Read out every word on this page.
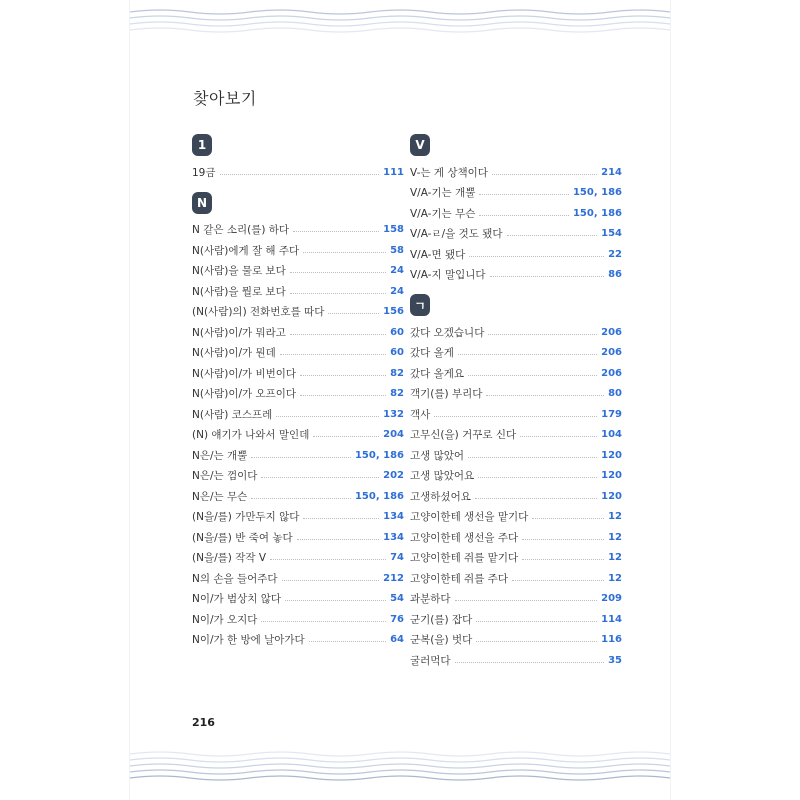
찾아보기
1
19금	111
N
N 같은 소리(를) 하다	158
N(사람)에게 잘 해 주다	58
N(사람)을 물로 보다	24
N(사람)을 뭘로 보다	24
(N(사람)의) 전화번호를 따다	156
N(사람)이/가 뭐라고	60
N(사람)이/가 뭔데	60
N(사람)이/가 비번이다	82
N(사람)이/가 오프이다	82
N(사람) 코스프레	132
(N) 얘기가 나와서 말인데	204
N은/는 개뿔	150, 186
N은/는 껌이다	202
N은/는 무슨	150, 186
(N을/를) 가만두지 않다	134
(N을/를) 반 죽여 놓다	134
(N을/를) 작작 V	74
N의 손을 들어주다	212
N이/가 범상치 않다	54
N이/가 오지다	76
N이/가 한 방에 날아가다	64
V
V-는 게 상책이다	214
V/A-기는 개뿔	150, 186
V/A-기는 무슨	150, 186
V/A-ㄹ/을 것도 됐다	154
V/A-면 됐다	22
V/A-지 말입니다	86
ㄱ
갔다 오겠습니다	206
갔다 올게	206
갔다 올게요	206
객기(를) 부리다	80
객사	179
고무신(을) 거꾸로 신다	104
고생 많았어	120
고생 많았어요	120
고생하셨어요	120
고양이한테 생선을 맡기다	12
고양이한테 생선을 주다	12
고양이한테 쥐를 맡기다	12
고양이한테 쥐를 주다	12
과분하다	209
군기(를) 잡다	114
군복(을) 벗다	116
굴러먹다	35
216
